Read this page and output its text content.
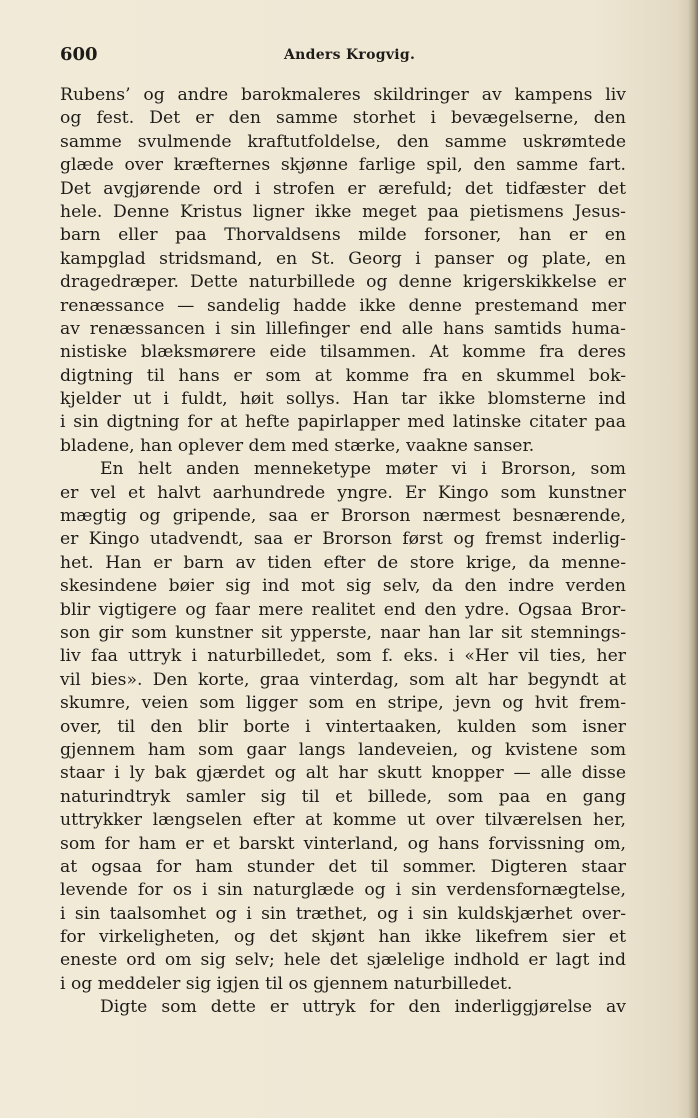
600	Anders Krogvig.
Rubens’ og andre barokmaleres skildringer av kampens liv
og fest. Det er den samme storhet i bevægelserne, den
samme svulmende kraftutfoldelse, den samme uskrømtede
glæde over kræfternes skjønne farlige spil, den samme fart.
Det avgjørende ord i strofen er ærefuld; det tidfæster det
hele. Denne Kristus ligner ikke meget paa pietismens Jesus-
barn eller paa Thorvaldsens milde forsoner, han er en
kampglad stridsmand, en St. Georg i panser og plate, en
dragedræper. Dette naturbillede og denne krigerskikkelse er
renæssance — sandelig hadde ikke denne prestemand mer
av renæssancen i sin lillefinger end alle hans samtids huma-
nistiske blæksmørere eide tilsammen. At komme fra deres
digtning til hans er som at komme fra en skummel bok-
kjelder ut i fuldt, høit sollys. Han tar ikke blomsterne ind
i sin digtning for at hefte papirlapper med latinske citater paa
bladene, han oplever dem med stærke, vaakne sanser.
En helt anden menneketype møter vi i Brorson, som
er vel et halvt aarhundrede yngre. Er Kingo som kunstner
mægtig og gripende, saa er Brorson nærmest besnærende,
er Kingo utadvendt, saa er Brorson først og fremst inderlig-
het. Han er barn av tiden efter de store krige, da menne-
skesindene bøier sig ind mot sig selv, da den indre verden
blir vigtigere og faar mere realitet end den ydre. Ogsaa Bror-
son gir som kunstner sit ypperste, naar han lar sit stemnings-
liv faa uttryk i naturbilledet, som f. eks. i «Her vil ties, her
vil bies». Den korte, graa vinterdag, som alt har begyndt at
skumre, veien som ligger som en stripe, jevn og hvit frem-
over, til den blir borte i vintertaaken, kulden som isner
gjennem ham som gaar langs landeveien, og kvistene som
staar i ly bak gjærdet og alt har skutt knopper — alle disse
naturindtryk samler sig til et billede, som paa en gang
uttrykker længselen efter at komme ut over tilværelsen her,
som for ham er et barskt vinterland, og hans forvissning om,
at ogsaa for ham stunder det til sommer. Digteren staar
levende for os i sin naturglæde og i sin verdensfornægtelse,
i sin taalsomhet og i sin træthet, og i sin kuldskjærhet over-
for virkeligheten, og det skjønt han ikke likefrem sier et
eneste ord om sig selv; hele det sjælelige indhold er lagt ind
i og meddeler sig igjen til os gjennem naturbilledet.
Digte som dette er uttryk for den inderliggjørelse av
